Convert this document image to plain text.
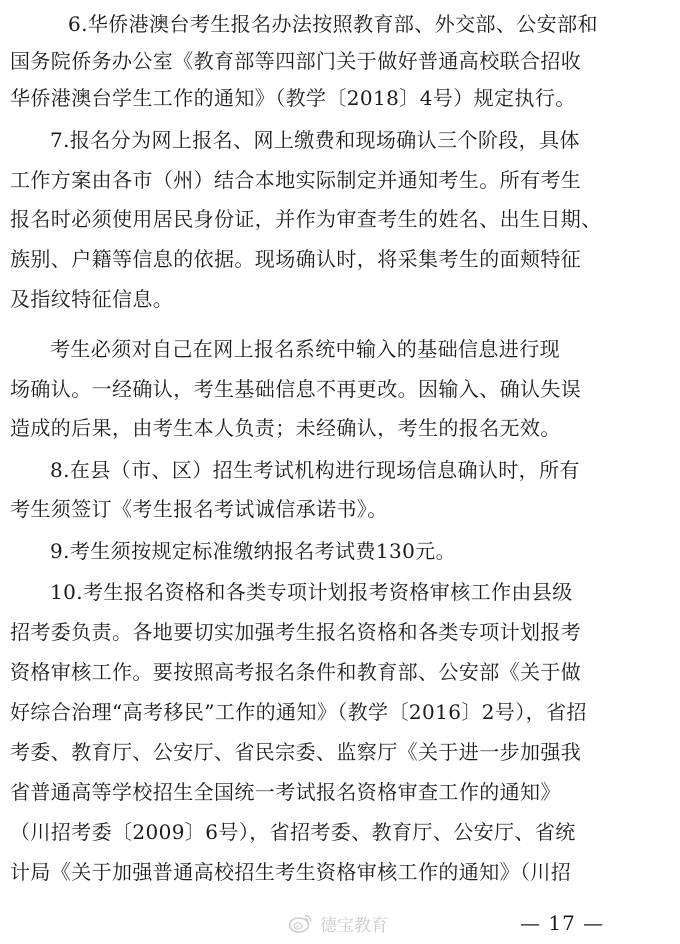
6.华侨港澳台考生报名办法按照教育部、外交部、公安部和
国务院侨务办公室《教育部等四部门关于做好普通高校联合招收
华侨港澳台学生工作的通知》（教学〔2018〕4号）规定执行。
7.报名分为网上报名、网上缴费和现场确认三个阶段，具体
工作方案由各市（州）结合本地实际制定并通知考生。所有考生
报名时必须使用居民身份证，并作为审查考生的姓名、出生日期、
族别、户籍等信息的依据。现场确认时，将采集考生的面颊特征
及指纹特征信息。
考生必须对自己在网上报名系统中输入的基础信息进行现
场确认。一经确认，考生基础信息不再更改。因输入、确认失误
造成的后果，由考生本人负责；未经确认，考生的报名无效。
8.在县（市、区）招生考试机构进行现场信息确认时，所有
考生须签订《考生报名考试诚信承诺书》。
9.考生须按规定标准缴纳报名考试费130元。
10.考生报名资格和各类专项计划报考资格审核工作由县级
招考委负责。各地要切实加强考生报名资格和各类专项计划报考
资格审核工作。要按照高考报名条件和教育部、公安部《关于做
好综合治理“高考移民”工作的通知》（教学〔2016〕2号），省招
考委、教育厅、公安厅、省民宗委、监察厅《关于进一步加强我
省普通高等学校招生全国统一考试报名资格审查工作的通知》
（川招考委〔2009〕6号），省招考委、教育厅、公安厅、省统
计局《关于加强普通高校招生考生资格审核工作的通知》（川招
德宝教育	— 17 —
